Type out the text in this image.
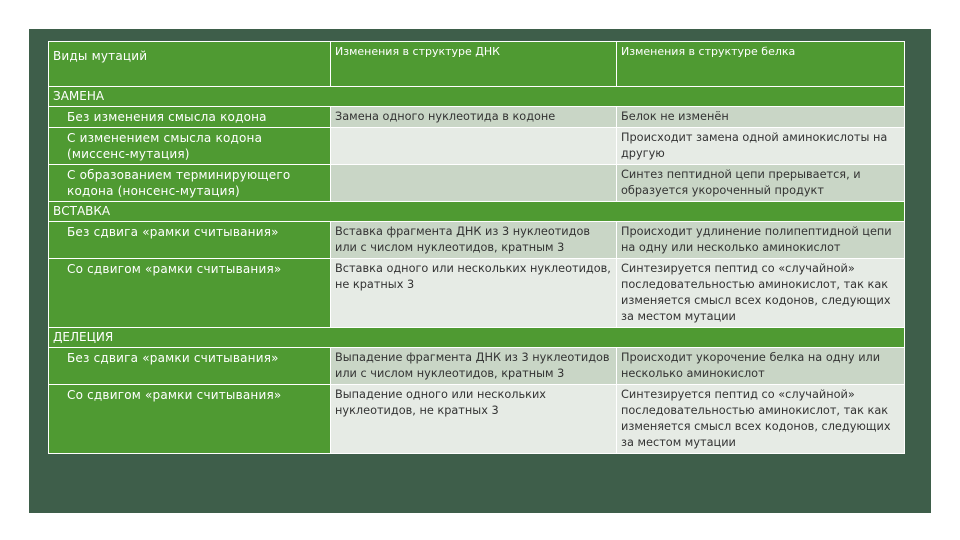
Виды мутаций	Изменения в структуре ДНК	Изменения в структуре белка
ЗАМЕНА		
Без изменения смысла кодона	Замена одного нуклеотида в кодоне	Белок не изменён
С изменением смысла кодона (миссенс-мутация)		Происходит замена одной аминокислоты на другую
С образованием терминирующего кодона (нонсенс-мутация)		Синтез пептидной цепи прерывается, и образуется укороченный продукт
ВСТАВКА		
Без сдвига «рамки считывания»	Вставка фрагмента ДНК из 3 нуклеотидов или с числом нуклеотидов, кратным 3	Происходит удлинение полипептидной цепи на одну или несколько аминокислот
Со сдвигом «рамки считывания»	Вставка одного или нескольких нуклеотидов, не кратных 3	Синтезируется пептид со «случайной» последовательностью аминокислот, так как изменяется смысл всех кодонов, следующих за местом мутации
ДЕЛЕЦИЯ		
Без сдвига «рамки считывания»	Выпадение фрагмента ДНК из 3 нуклеотидов или с числом нуклеотидов, кратным 3	Происходит укорочение белка на одну или несколько аминокислот
Со сдвигом «рамки считывания»	Выпадение одного или нескольких нуклеотидов, не кратных 3	Синтезируется пептид со «случайной» последовательностью аминокислот, так как изменяется смысл всех кодонов, следующих за местом мутации
